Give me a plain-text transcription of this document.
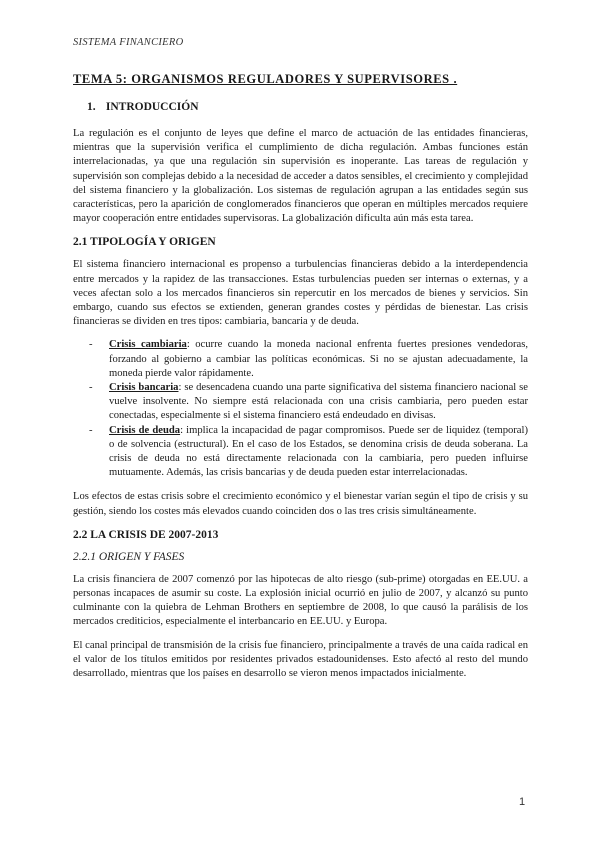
SISTEMA FINANCIERO
TEMA 5: ORGANISMOS REGULADORES Y SUPERVISORES .
1. INTRODUCCIÓN

La regulación es el conjunto de leyes que define el marco de actuación de las entidades financieras, mientras que la supervisión verifica el cumplimiento de dicha regulación. Ambas funciones están interrelacionadas, ya que una regulación sin supervisión es inoperante. Las tareas de regulación y supervisión son complejas debido a la necesidad de acceder a datos sensibles, el crecimiento y complejidad del sistema financiero y la globalización. Los sistemas de regulación agrupan a las entidades según sus características, pero la aparición de conglomerados financieros que operan en múltiples mercados requiere mayor cooperación entre entidades supervisoras. La globalización dificulta aún más esta tarea.

2.1 TIPOLOGÍA Y ORIGEN

El sistema financiero internacional es propenso a turbulencias financieras debido a la interdependencia entre mercados y la rapidez de las transacciones. Estas turbulencias pueden ser internas o externas, y a veces afectan solo a los mercados financieros sin repercutir en los mercados de bienes y servicios. Sin embargo, cuando sus efectos se extienden, generan grandes costes y pérdidas de bienestar. Las crisis financieras se dividen en tres tipos: cambiaria, bancaria y de deuda.

- Crisis cambiaria: ocurre cuando la moneda nacional enfrenta fuertes presiones vendedoras, forzando al gobierno a cambiar las políticas económicas. Si no se ajustan adecuadamente, la moneda pierde valor rápidamente.
- Crisis bancaria: se desencadena cuando una parte significativa del sistema financiero nacional se vuelve insolvente. No siempre está relacionada con una crisis cambiaria, pero pueden estar conectadas, especialmente si el sistema financiero está endeudado en divisas.
- Crisis de deuda: implica la incapacidad de pagar compromisos. Puede ser de liquidez (temporal) o de solvencia (estructural). En el caso de los Estados, se denomina crisis de deuda soberana. La crisis de deuda no está directamente relacionada con la cambiaria, pero pueden influirse mutuamente. Además, las crisis bancarias y de deuda pueden estar interrelacionadas.

Los efectos de estas crisis sobre el crecimiento económico y el bienestar varían según el tipo de crisis y su gestión, siendo los costes más elevados cuando coinciden dos o las tres crisis simultáneamente.

2.2 LA CRISIS DE 2007-2013
2.2.1 ORIGEN Y FASES

La crisis financiera de 2007 comenzó por las hipotecas de alto riesgo (sub-prime) otorgadas en EE.UU. a personas incapaces de asumir su coste. La explosión inicial ocurrió en julio de 2007, y alcanzó su punto culminante con la quiebra de Lehman Brothers en septiembre de 2008, lo que causó la parálisis de los mercados crediticios, especialmente el interbancario en EE.UU. y Europa.

El canal principal de transmisión de la crisis fue financiero, principalmente a través de una caída radical en el valor de los títulos emitidos por residentes privados estadounidenses. Esto afectó al resto del mundo desarrollado, mientras que los países en desarrollo se vieron menos impactados inicialmente.

1
